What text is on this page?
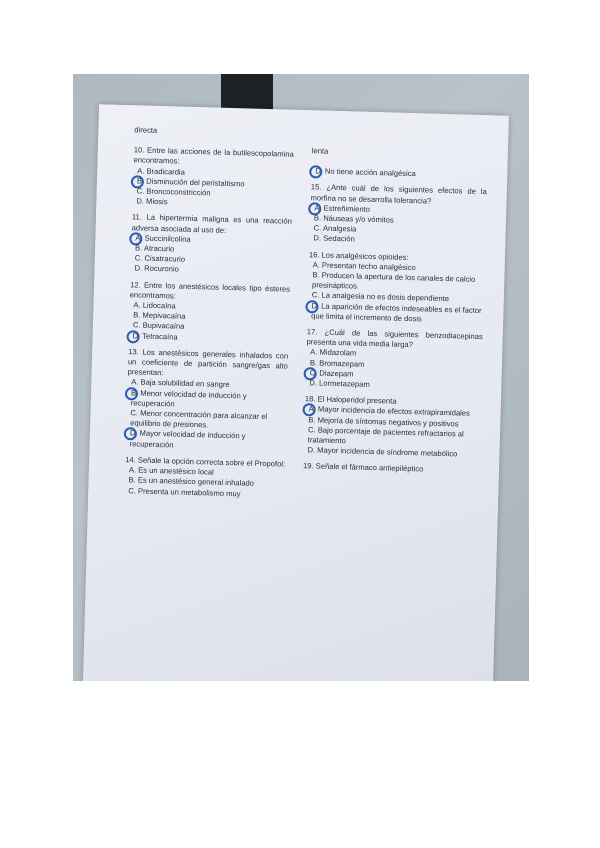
directa
10. Entre las acciones de la butilescopolamina encontramos:
A. Bradicardia
B. Disminución del peristaltismo
C. Broncoconstricción
D. Miosis
11. La hipertermia maligna es una reacción adversa asociada al uso de:
A. Succinilcolina
B. Atracurio
C. Cisatracurio
D. Rocuronio
12. Entre los anestésicos locales tipo ésteres encontramos:
A. Lidocaína
B. Mepivacaína
C. Bupivacaína
D. Tetracaína
13. Los anestésicos generales inhalados con un coeficiente de partición sangre/gas alto presentan:
A. Baja solubilidad en sangre
B. Menor velocidad de inducción y recuperación
C. Menor concentración para alcanzar el equilibrio de presiones.
D. Mayor velocidad de inducción y recuperación
14. Señale la opción correcta sobre el Propofol:
A. Es un anestésico local
B. Es un anestésico general inhalado
C. Presenta un metabolismo muy
lenta
D. No tiene acción analgésica
15. ¿Ante cuál de los siguientes efectos de la morfina no se desarrolla tolerancia?
A. Estreñimiento
B. Náuseas y/o vómitos
C. Analgesia
D. Sedación
16. Los analgésicos opioides:
A. Presentan techo analgésico
B. Producen la apertura de los canales de calcio presinápticos.
C. La analgesia no es dosis dependiente
D. La aparición de efectos indeseables es el factor que limita el incremento de dosis
17. ¿Cuál de las siguientes benzodiacepinas presenta una vida media larga?
A. Midazolam
B. Bromazepam
C. Diazepam
D. Lormetazepam
18. El Haloperidol presenta
A. Mayor incidencia de efectos extrapiramidales
B. Mejoría de síntomas negativos y positivos
C. Bajo porcentaje de pacientes refractarios al tratamiento
D. Mayor incidencia de síndrome metabólico
19. Señale el fármaco antiepiléptico
